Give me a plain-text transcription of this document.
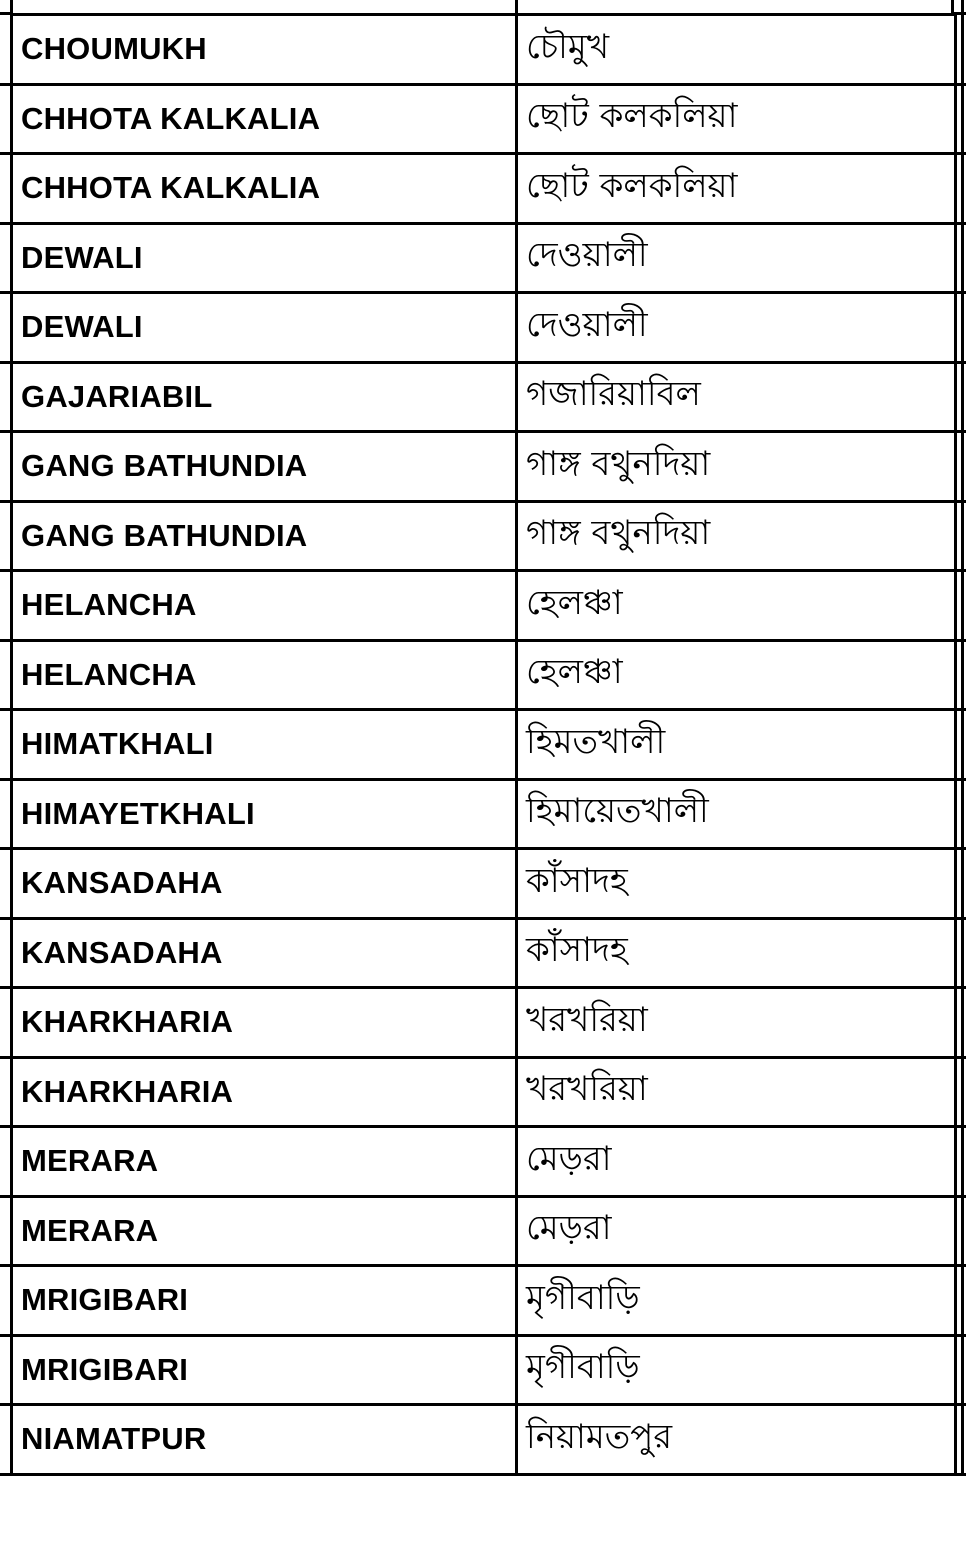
CHOUMUKH	চৌমুখ
CHHOTA KALKALIA	ছোট কলকলিয়া
CHHOTA KALKALIA	ছোট কলকলিয়া
DEWALI	দেওয়ালী
DEWALI	দেওয়ালী
GAJARIABIL	গজারিয়াবিল
GANG BATHUNDIA	গাঙ্গ বথুনদিয়া
GANG BATHUNDIA	গাঙ্গ বথুনদিয়া
HELANCHA	হেলঞ্চা
HELANCHA	হেলঞ্চা
HIMATKHALI	হিমতখালী
HIMAYETKHALI	হিমায়েতখালী
KANSADAHA	কাঁসাদহ
KANSADAHA	কাঁসাদহ
KHARKHARIA	খরখরিয়া
KHARKHARIA	খরখরিয়া
MERARA	মেড়রা
MERARA	মেড়রা
MRIGIBARI	মৃগীবাড়ি
MRIGIBARI	মৃগীবাড়ি
NIAMATPUR	নিয়ামতপুর
